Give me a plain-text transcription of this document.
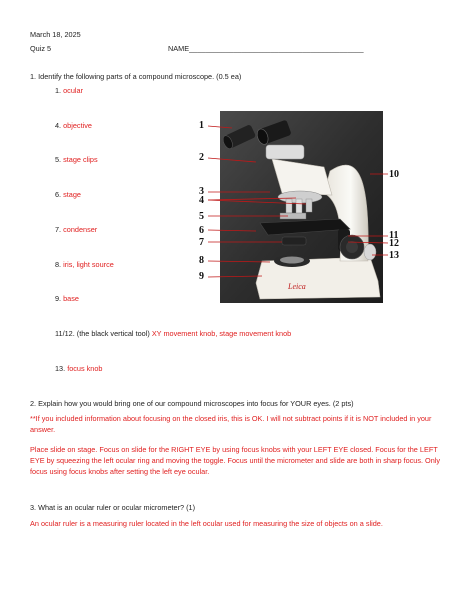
March 18, 2025
Quiz 5	NAME___________________________________________
1. Identify the following parts of a compound microscope. (0.5 ea)
1. ocular
4. objective
5. stage clips
6. stage
7. condenser
8. iris, light source
9. base
11/12. (the black vertical tool) XY movement knob, stage movement knob
13. focus knob
Leica
1
2
3
4
5
6
7
8
9
10
11
12
13
2. Explain how you would bring one of our compound microscopes into focus for YOUR eyes. (2 pts)
**If you included information about focusing on the closed iris, this is OK. I will not subtract points if it is NOT included in your answer.
Place slide on stage. Focus on slide for the RIGHT EYE by using focus knobs with your LEFT EYE closed. Focus for the LEFT EYE by squeezing the left ocular ring and moving the toggle. Focus until the micrometer and slide are both in sharp focus. Only focus using focus knobs after setting the left eye ocular.
3. What is an ocular ruler or ocular micrometer? (1)
An ocular ruler is a measuring ruler located in the left ocular used for measuring the size of objects on a slide.
